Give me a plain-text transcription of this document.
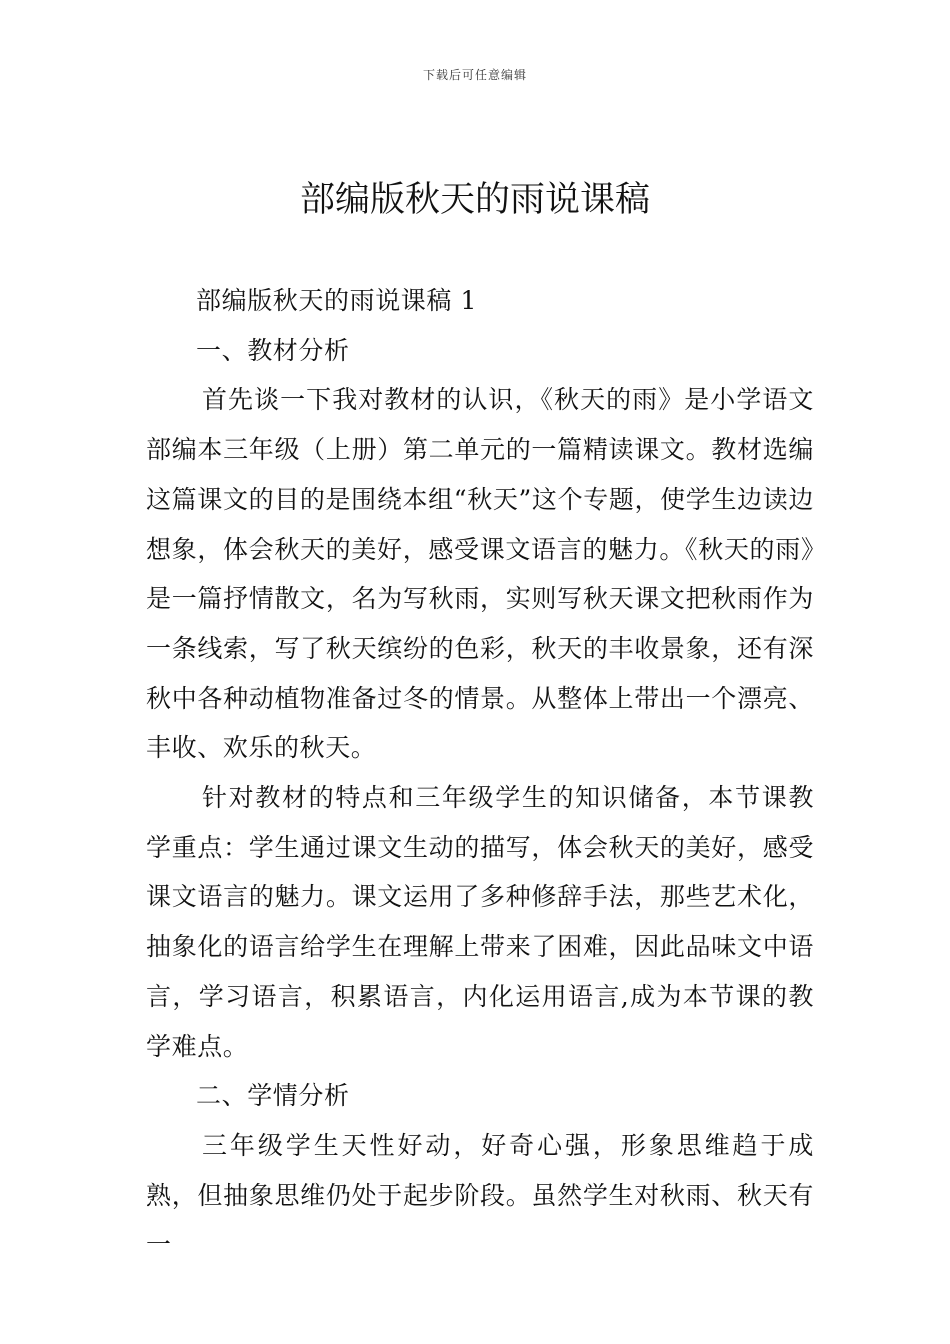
下载后可任意编辑
部编版秋天的雨说课稿

部编版秋天的雨说课稿 1

一、教材分析

首先谈一下我对教材的认识，《秋天的雨》是小学语文部编本三年级（上册）第二单元的一篇精读课文。教材选编这篇课文的目的是围绕本组“秋天”这个专题，使学生边读边想象，体会秋天的美好，感受课文语言的魅力。《秋天的雨》是一篇抒情散文，名为写秋雨，实则写秋天课文把秋雨作为一条线索，写了秋天缤纷的色彩，秋天的丰收景象，还有深秋中各种动植物准备过冬的情景。从整体上带出一个漂亮、丰收、欢乐的秋天。

针对教材的特点和三年级学生的知识储备，本节课教学重点：学生通过课文生动的描写，体会秋天的美好，感受课文语言的魅力。课文运用了多种修辞手法，那些艺术化，抽象化的语言给学生在理解上带来了困难，因此品味文中语言，学习语言，积累语言，内化运用语言,成为本节课的教学难点。

二、学情分析

三年级学生天性好动，好奇心强，形象思维趋于成熟，但抽象思维仍处于起步阶段。虽然学生对秋雨、秋天有一
